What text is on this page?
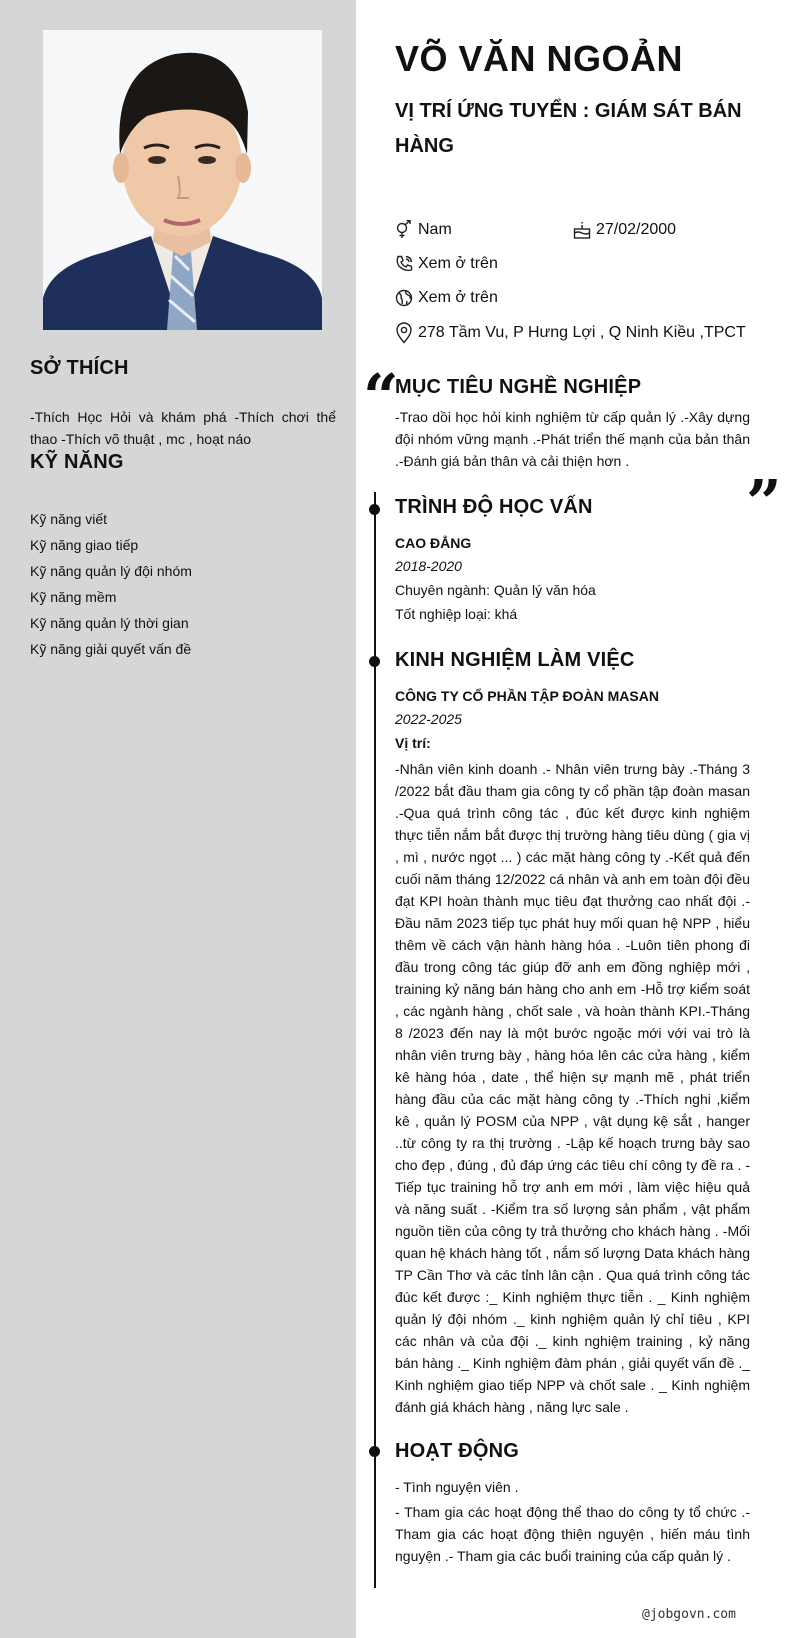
SỞ THÍCH
-Thích Học Hỏi và khám phá -Thích chơi thể thao -Thích võ thuật , mc , hoạt náo
KỸ NĂNG
Kỹ năng viết
Kỹ năng giao tiếp
Kỹ năng quản lý đội nhóm
Kỹ năng mềm
Kỹ năng quản lý thời gian
Kỹ năng giải quyết vấn đề
VÕ VĂN NGOẢN
VỊ TRÍ ỨNG TUYỂN : GIÁM SÁT BÁN HÀNG
Nam	27/02/2000
Xem ở trên
Xem ở trên
278 Tầm Vu, P Hưng Lợi , Q Ninh Kiều ,TPCT
“
”
MỤC TIÊU NGHỀ NGHIỆP
-Trao dồi học hỏi kinh nghiệm từ cấp quản lý .-Xây dựng đội nhóm vững mạnh .-Phát triển thế mạnh của bản thân .-Đánh giá bản thân và cải thiện hơn .
TRÌNH ĐỘ HỌC VẤN
CAO ĐẲNG
2018-2020
Chuyên ngành: Quản lý văn hóa
Tốt nghiệp loại: khá
KINH NGHIỆM LÀM VIỆC
CÔNG TY CỔ PHẦN TẬP ĐOÀN MASAN
2022-2025
Vị trí:
-Nhân viên kinh doanh .- Nhân viên trưng bày .-Tháng 3 /2022 bắt đầu tham gia công ty cổ phần tập đoàn masan .-Qua quá trình công tác , đúc kết được kinh nghiệm thực tiễn nắm bắt được thị trường hàng tiêu dùng ( gia vị , mì , nước ngọt ... ) các mặt hàng công ty .-Kết quả đến cuối năm tháng 12/2022 cá nhân và anh em toàn đội đều đạt KPI hoàn thành mục tiêu đạt thưởng cao nhất đội .-Đầu năm 2023 tiếp tục phát huy mối quan hệ NPP , hiểu thêm về cách vận hành hàng hóa . -Luôn tiên phong đi đầu trong công tác giúp đỡ anh em đồng nghiệp mới , training kỷ năng bán hàng cho anh em -Hỗ trợ kiểm soát , các ngành hàng , chốt sale , và hoàn thành KPI.-Tháng 8 /2023 đến nay là một bước ngoặc mới với vai trò là nhân viên trưng bày , hàng hóa lên các cửa hàng , kiểm kê hàng hóa , date , thể hiện sự mạnh mẽ , phát triển hàng đầu của các mặt hàng công ty .-Thích nghi ,kiểm kê , quản lý POSM của NPP , vật dụng kệ sắt , hanger ..từ công ty ra thị trường . -Lập kế hoạch trưng bày sao cho đẹp , đúng , đủ đáp ứng các tiêu chí công ty đề ra . -Tiếp tục training hỗ trợ anh em mới , làm việc hiệu quả và năng suất . -Kiểm tra số lượng sản phẩm , vật phẩm nguồn tiền của công ty trả thưởng cho khách hàng . -Mối quan hệ khách hàng tốt , nắm số lượng Data khách hàng TP Cần Thơ và các tỉnh lân cận . Qua quá trình công tác đúc kết được :_ Kinh nghiệm thực tiễn . _ Kinh nghiệm quản lý đội nhóm ._ kinh nghiệm quản lý chỉ tiêu , KPI các nhân và của đội ._ kinh nghiệm training , kỷ năng bán hàng ._ Kinh nghiệm đàm phán , giải quyết vấn đề ._ Kinh nghiệm giao tiếp NPP và chốt sale . _ Kinh nghiệm đánh giá khách hàng , năng lực sale .
HOẠT ĐỘNG
- Tình nguyện viên .
- Tham gia các hoạt động thể thao do công ty tổ chức .-Tham gia các hoạt động thiện nguyện , hiến máu tình nguyện .- Tham gia các buổi training của cấp quản lý .
@jobgovn.com
